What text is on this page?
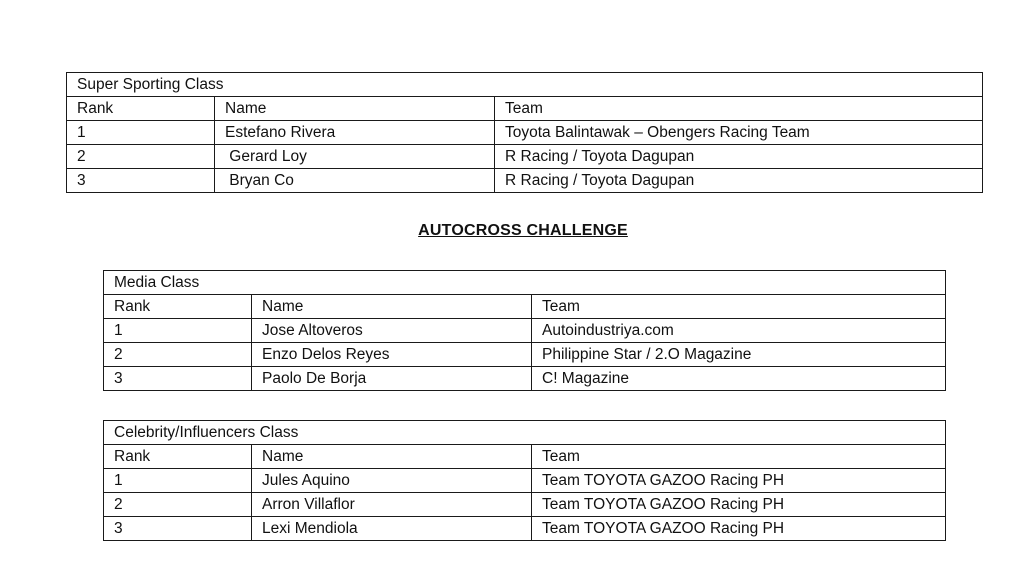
Super Sporting Class		
Rank	Name	Team
1	Estefano Rivera	Toyota Balintawak – Obengers Racing Team
2	Gerard Loy	R Racing / Toyota Dagupan
3	Bryan Co	R Racing / Toyota Dagupan
AUTOCROSS CHALLENGE
Media Class		
Rank	Name	Team
1	Jose Altoveros	Autoindustriya.com
2	Enzo Delos Reyes	Philippine Star / 2.O Magazine
3	Paolo De Borja	C! Magazine
Celebrity/Influencers Class		
Rank	Name	Team
1	Jules Aquino	Team TOYOTA GAZOO Racing PH
2	Arron Villaflor	Team TOYOTA GAZOO Racing PH
3	Lexi Mendiola	Team TOYOTA GAZOO Racing PH
